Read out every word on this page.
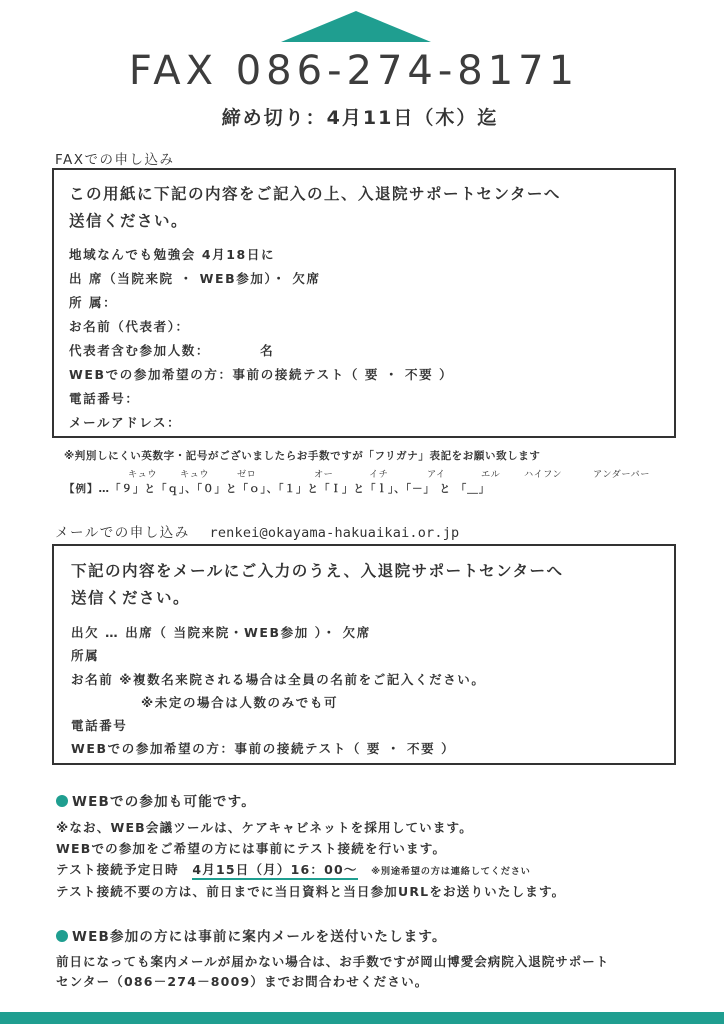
FAX 086-274-8171
締め切り：4月11日（木）迄
FAXでの申し込み
この用紙に下記の内容をご記入の上、入退院サポートセンターへ
送信ください。
地域なんでも勉強会 4月18日に
出 席（当院来院 ・ WEB参加）・ 欠席
所 属：
お名前（代表者）：
代表者含む参加人数：　　　　名
WEBでの参加希望の方：事前の接続テスト（ 要 ・ 不要 ）
電話番号：
メールアドレス：
※判別しにくい英数字・記号がございましたらお手数ですが「フリガナ」表記をお願い致します
キュウ キュウ	ゼロ	オー	イチ	アイ	エル	ハイフン	アンダーバー
【例】…「９」と「ｑ」、「０」と「ｏ」、「１」と「Ｉ」と「ｌ」、「－」 と 「＿」
メールでの申し込み renkei@okayama-hakuaikai.or.jp
下記の内容をメールにご入力のうえ、入退院サポートセンターへ
送信ください。
出欠 … 出席（ 当院来院・WEB参加 ）・ 欠席
所属
お名前 ※複数名来院される場合は全員の名前をご記入ください。
※未定の場合は人数のみでも可
電話番号
WEBでの参加希望の方：事前の接続テスト（ 要 ・ 不要 ）
WEBでの参加も可能です。
※なお、WEB会議ツールは、ケアキャビネットを採用しています。
WEBでの参加をご希望の方には事前にテスト接続を行います。
テスト接続予定日時 4月15日（月）16：00～ ※別途希望の方は連絡してください
テスト接続不要の方は、前日までに当日資料と当日参加URLをお送りいたします。
WEB参加の方には事前に案内メールを送付いたします。
前日になっても案内メールが届かない場合は、お手数ですが岡山博愛会病院入退院サポート
センター（086－274－8009）までお問合わせください。
